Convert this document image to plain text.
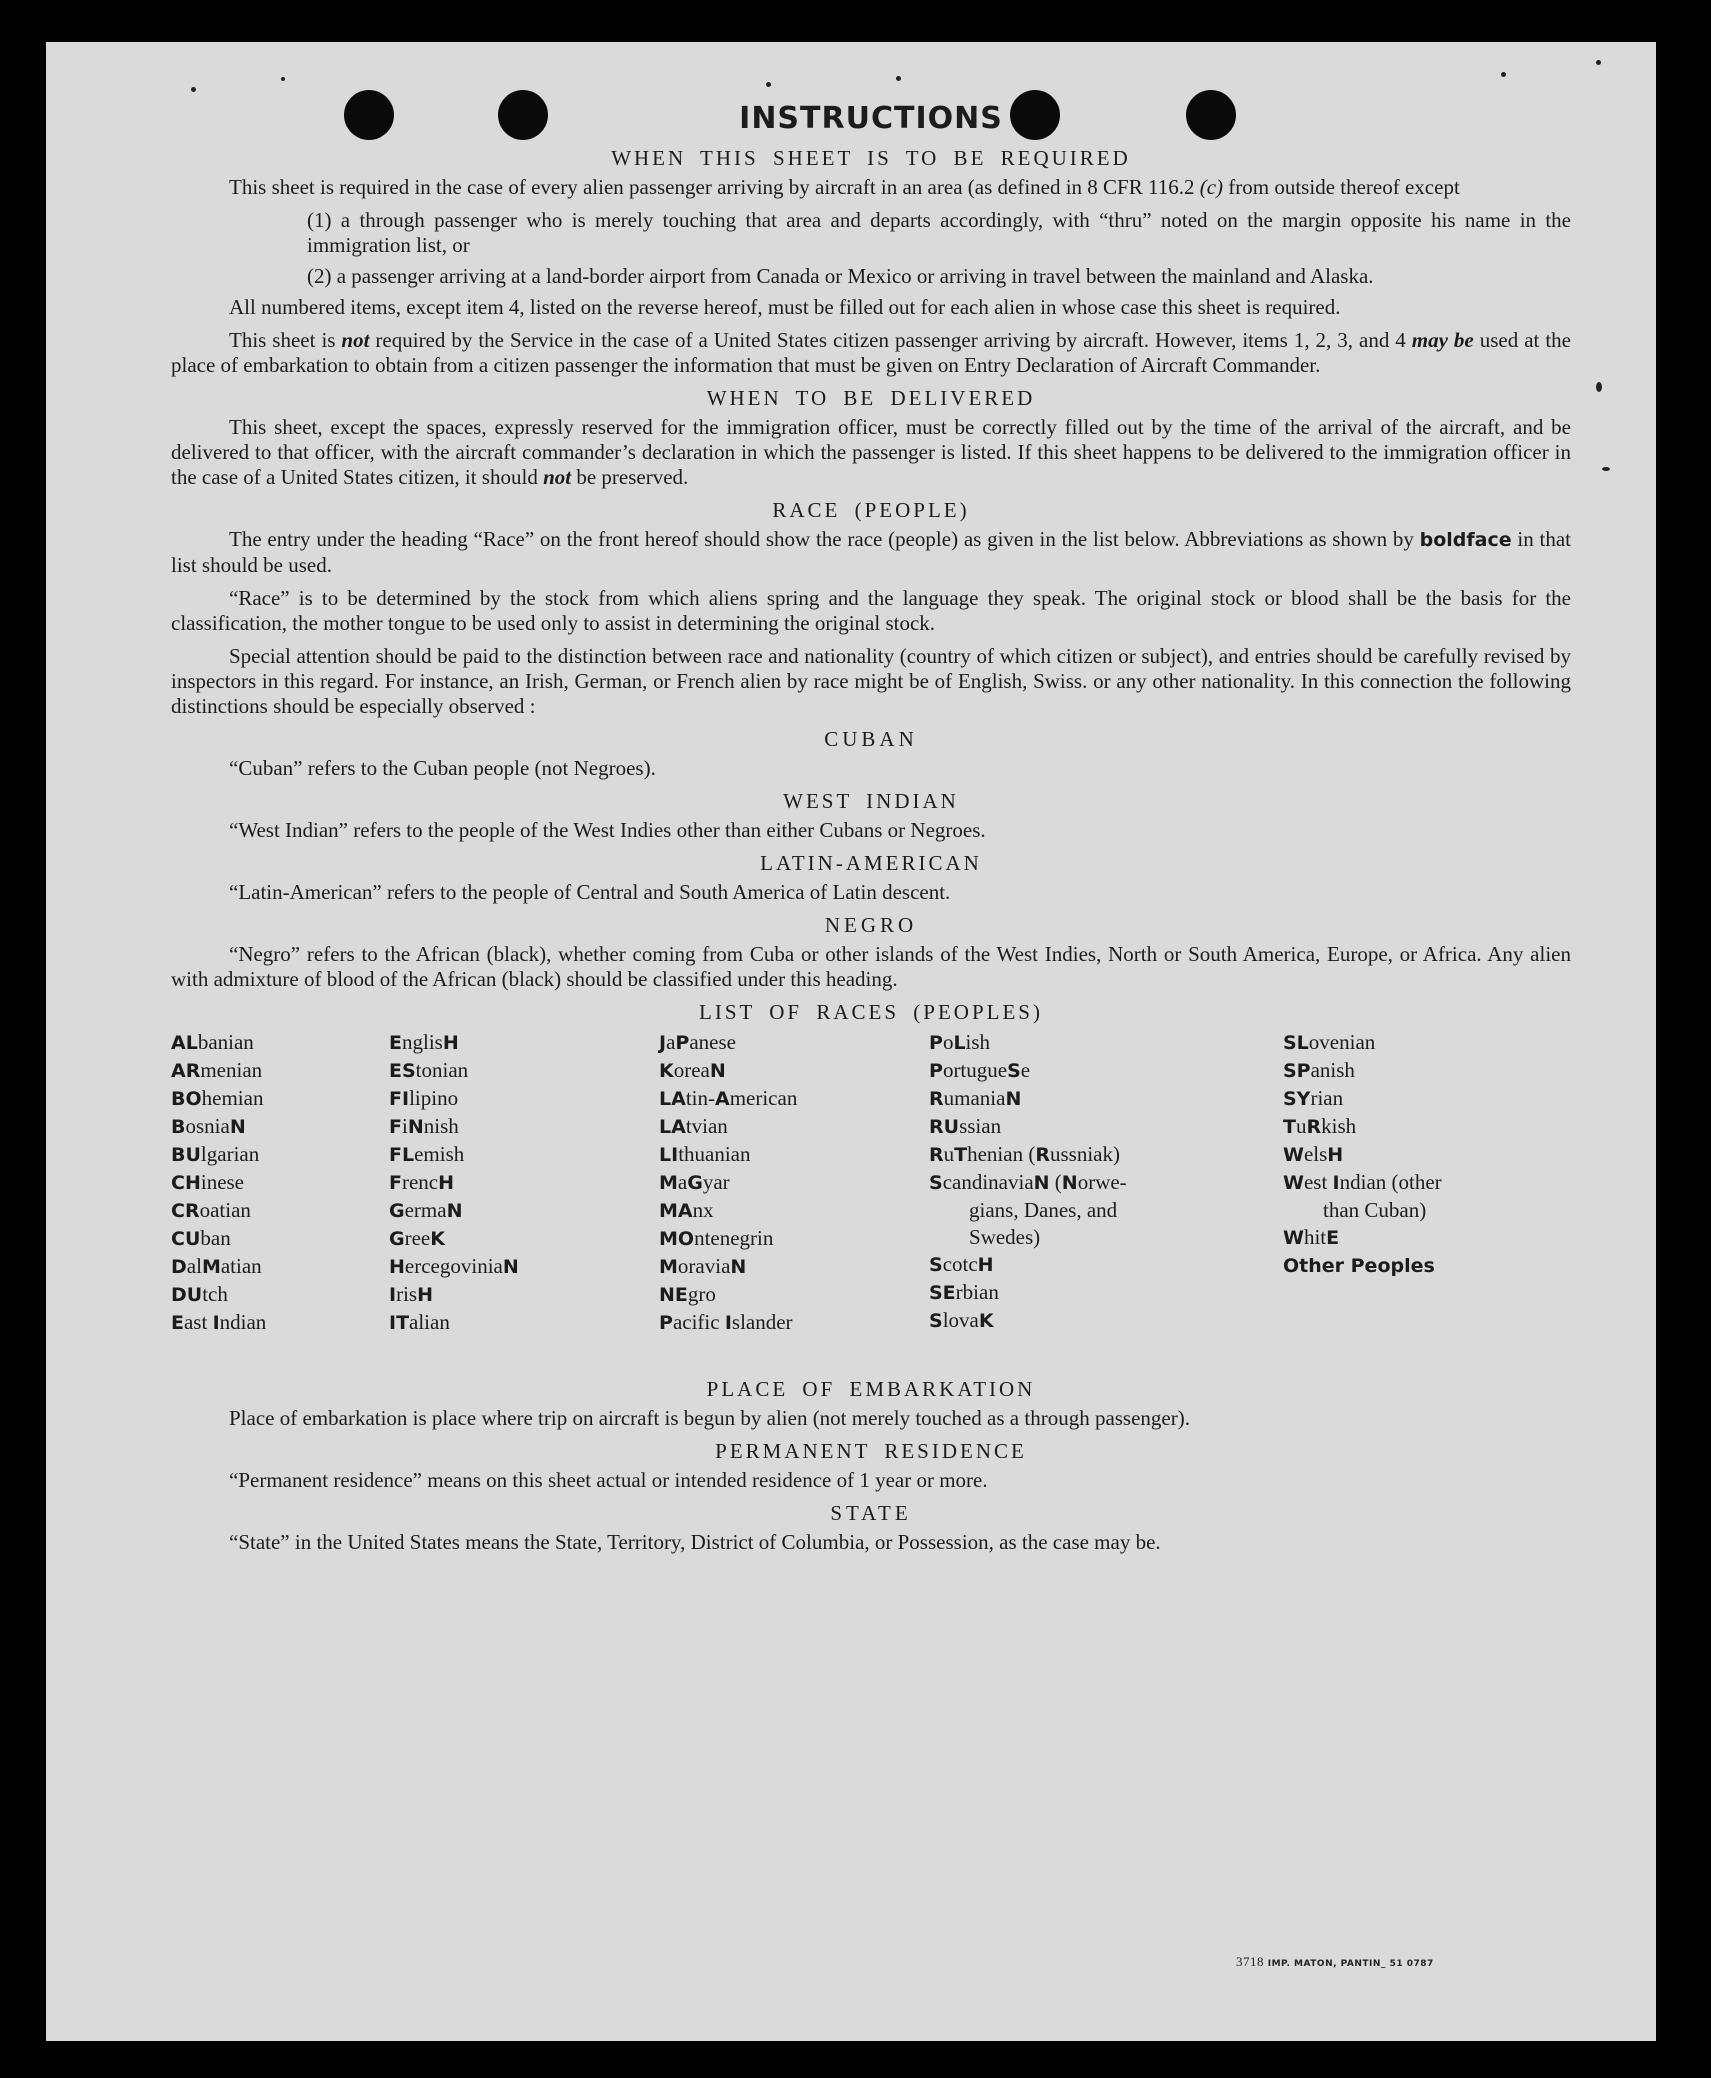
INSTRUCTIONS
WHEN THIS SHEET IS TO BE REQUIRED

This sheet is required in the case of every alien passenger arriving by aircraft in an area (as defined in 8 CFR 116.2 (c) from outside thereof except

(1) a through passenger who is merely touching that area and departs accordingly, with “thru” noted on the margin opposite his name in the immigration list, or

(2) a passenger arriving at a land-border airport from Canada or Mexico or arriving in travel between the mainland and Alaska.

All numbered items, except item 4, listed on the reverse hereof, must be filled out for each alien in whose case this sheet is required.

This sheet is not required by the Service in the case of a United States citizen passenger arriving by aircraft. However, items 1, 2, 3, and 4 may be used at the place of embarkation to obtain from a citizen passenger the information that must be given on Entry Declaration of Aircraft Commander.

WHEN TO BE DELIVERED

This sheet, except the spaces, expressly reserved for the immigration officer, must be correctly filled out by the time of the arrival of the aircraft, and be delivered to that officer, with the aircraft commander’s declaration in which the passenger is listed. If this sheet happens to be delivered to the immigration officer in the case of a United States citizen, it should not be preserved.

RACE (PEOPLE)

The entry under the heading “Race” on the front hereof should show the race (people) as given in the list below. Abbreviations as shown by boldface in that list should be used.

“Race” is to be determined by the stock from which aliens spring and the language they speak. The original stock or blood shall be the basis for the classification, the mother tongue to be used only to assist in determining the original stock.

Special attention should be paid to the distinction between race and nationality (country of which citizen or subject), and entries should be carefully revised by inspectors in this regard. For instance, an Irish, German, or French alien by race might be of English, Swiss. or any other nationality. In this connection the following distinctions should be especially observed :

CUBAN

“Cuban” refers to the Cuban people (not Negroes).

WEST INDIAN

“West Indian” refers to the people of the West Indies other than either Cubans or Negroes.

LATIN-AMERICAN

“Latin-American” refers to the people of Central and South America of Latin descent.

NEGRO

“Negro” refers to the African (black), whether coming from Cuba or other islands of the West Indies, North or South America, Europe, or Africa. Any alien with admixture of blood of the African (black) should be classified under this heading.

LIST OF RACES (PEOPLES)
ALbanian
ARmenian
BOhemian
BosniaN
BUlgarian
CHinese
CRoatian
CUban
DalMatian
DUtch
East Indian
EnglisH
EStonian
FIlipino
FiNnish
FLemish
FrencH
GermaN
GreeK
HercegoviniaN
IrisH
ITalian
JaPanese
KoreaN
LAtin-American
LAtvian
LIthuanian
MaGyar
MAnx
MOntenegrin
MoraviaN
NEgro
Pacific Islander
PoLish
PortugueSe
RumaniaN
RUssian
RuThenian (Russniak)
ScandinaviaN (Norwe-
gians, Danes, and
Swedes)
ScotcH
SErbian
SlovaK
SLovenian
SPanish
SYrian
TuRkish
WelsH
West Indian (other
than Cuban)
WhitE
Other Peoples
PLACE OF EMBARKATION

Place of embarkation is place where trip on aircraft is begun by alien (not merely touched as a through passenger).

PERMANENT RESIDENCE

“Permanent residence” means on this sheet actual or intended residence of 1 year or more.

STATE

“State” in the United States means the State, Territory, District of Columbia, or Possession, as the case may be.

3718 IMP. MATON, PANTIN_ 51 0787
